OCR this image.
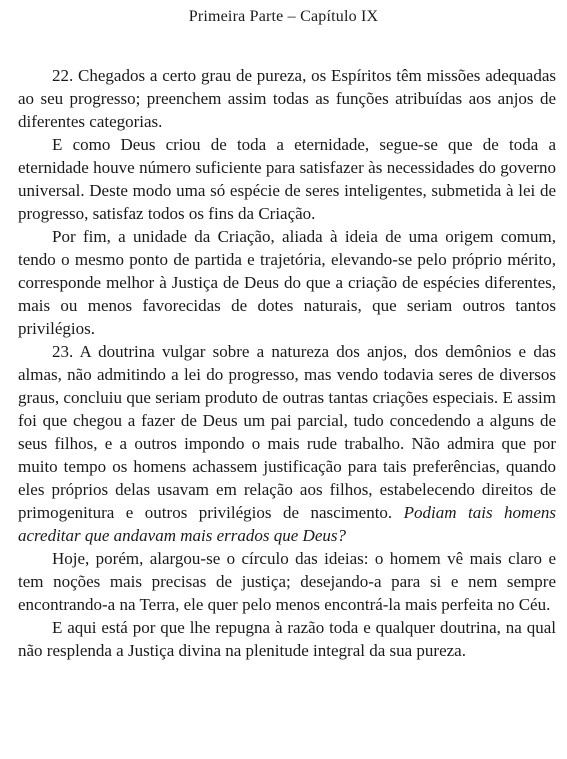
Primeira Parte – Capítulo IX

22. Chegados a certo grau de pureza, os Espíritos têm missões adequadas ao seu progresso; preenchem assim todas as funções atribuídas aos anjos de diferentes categorias.

E como Deus criou de toda a eternidade, segue-se que de toda a eternidade houve número suficiente para satisfazer às necessidades do governo universal. Deste modo uma só espécie de seres inteligentes, submetida à lei de progresso, satisfaz todos os fins da Criação.

Por fim, a unidade da Criação, aliada à ideia de uma origem comum, tendo o mesmo ponto de partida e trajetória, elevando-se pelo próprio mérito, corresponde melhor à Justiça de Deus do que a criação de espécies diferentes, mais ou menos favorecidas de dotes naturais, que seriam outros tantos privilégios.

23. A doutrina vulgar sobre a natureza dos anjos, dos demônios e das almas, não admitindo a lei do progresso, mas vendo todavia seres de diversos graus, concluiu que seriam produto de outras tantas criações especiais. E assim foi que chegou a fazer de Deus um pai parcial, tudo concedendo a alguns de seus filhos, e a outros impondo o mais rude trabalho. Não admira que por muito tempo os homens achassem justificação para tais preferências, quando eles próprios delas usavam em relação aos filhos, estabelecendo direitos de primogenitura e outros privilégios de nascimento. Podiam tais homens acreditar que andavam mais errados que Deus?

Hoje, porém, alargou-se o círculo das ideias: o homem vê mais claro e tem noções mais precisas de justiça; desejando-a para si e nem sempre encontrando-a na Terra, ele quer pelo menos encontrá-la mais perfeita no Céu.

E aqui está por que lhe repugna à razão toda e qualquer doutrina, na qual não resplenda a Justiça divina na plenitude integral da sua pureza.
